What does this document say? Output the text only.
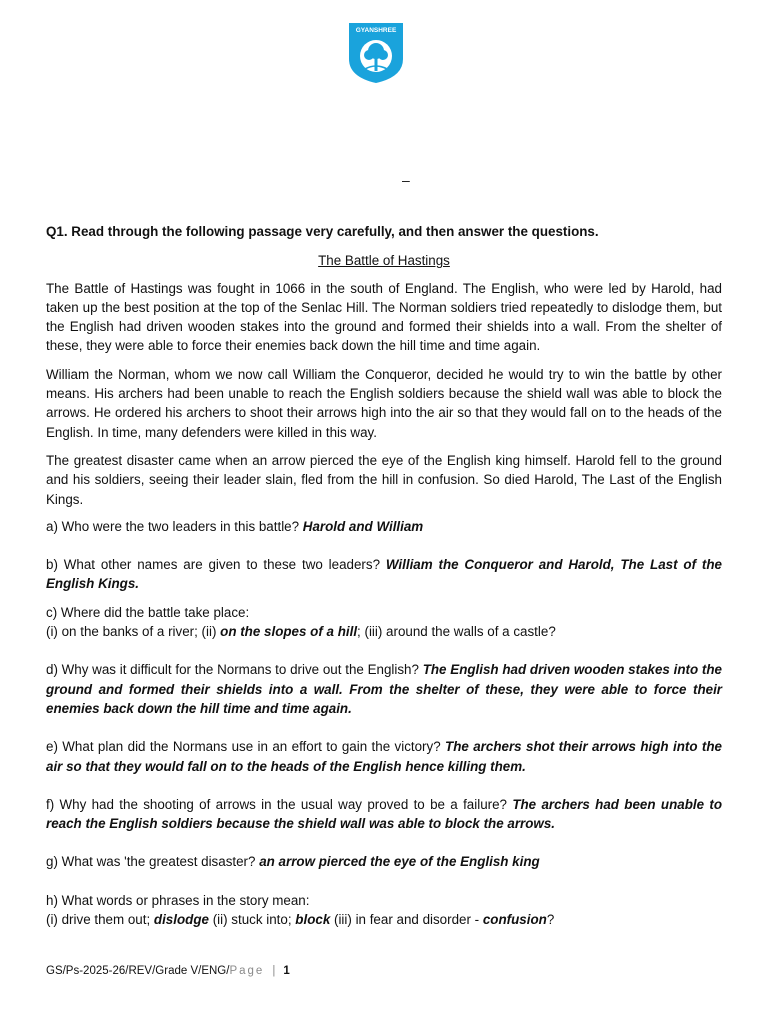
GYANSHREE
–

Q1. Read through the following passage very carefully, and then answer the questions.

The Battle of Hastings

The Battle of Hastings was fought in 1066 in the south of England. The English, who were led by Harold, had taken up the best position at the top of the Senlac Hill. The Norman soldiers tried repeatedly to dislodge them, but the English had driven wooden stakes into the ground and formed their shields into a wall. From the shelter of these, they were able to force their enemies back down the hill time and time again.

William the Norman, whom we now call William the Conqueror, decided he would try to win the battle by other means. His archers had been unable to reach the English soldiers because the shield wall was able to block the arrows. He ordered his archers to shoot their arrows high into the air so that they would fall on to the heads of the English. In time, many defenders were killed in this way.

The greatest disaster came when an arrow pierced the eye of the English king himself. Harold fell to the ground and his soldiers, seeing their leader slain, fled from the hill in confusion. So died Harold, The Last of the English Kings.

a) Who were the two leaders in this battle? Harold and William

b) What other names are given to these two leaders? William the Conqueror and Harold, The Last of the English Kings.

c) Where did the battle take place:
(i) on the banks of a river; (ii) on the slopes of a hill; (iii) around the walls of a castle?

d) Why was it difficult for the Normans to drive out the English? The English had driven wooden stakes into the ground and formed their shields into a wall. From the shelter of these, they were able to force their enemies back down the hill time and time again.

e) What plan did the Normans use in an effort to gain the victory? The archers shot their arrows high into the air so that they would fall on to the heads of the English hence killing them.

f) Why had the shooting of arrows in the usual way proved to be a failure? The archers had been unable to reach the English soldiers because the shield wall was able to block the arrows.

g) What was 'the greatest disaster? an arrow pierced the eye of the English king

h) What words or phrases in the story mean:
(i) drive them out; dislodge (ii) stuck into; block (iii) in fear and disorder - confusion?

GS/Ps-2025-26/REV/Grade V/ENG/Page | 1
